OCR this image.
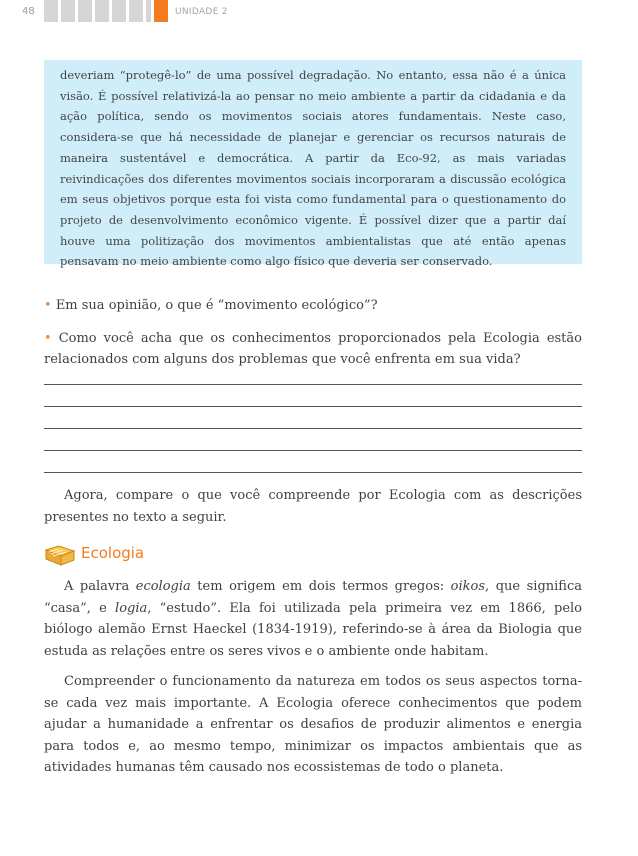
48	UNIDADE 2
deveriam “protegê-lo” de uma possível degradação. No entanto, essa não é a única visão. É possível relativizá-la ao pensar no meio ambiente a partir da cidadania e da ação política, sendo os movimentos sociais atores fundamentais. Neste caso, considera-se que há necessidade de planejar e gerenciar os recursos naturais de maneira sustentável e democrática. A partir da Eco-92, as mais variadas reivindicações dos diferentes movimentos sociais incorporaram a discussão ecológica em seus objetivos porque esta foi vista como fundamental para o questionamento do projeto de desenvolvimento econômico vigente. É possível dizer que a partir daí houve uma politização dos movimentos ambientalistas que até então apenas pensavam no meio ambiente como algo físico que deveria ser conservado.
• Em sua opinião, o que é “movimento ecológico”?
• Como você acha que os conhecimentos proporcionados pela Ecologia estão relacionados com alguns dos problemas que você enfrenta em sua vida?
Agora, compare o que você compreende por Ecologia com as descrições presentes no texto a seguir.
Ecologia
A palavra ecologia tem origem em dois termos gregos: oikos, que significa “casa”, e logia, “estudo”. Ela foi utilizada pela primeira vez em 1866, pelo biólogo alemão Ernst Haeckel (1834-1919), referindo-se à área da Biologia que estuda as relações entre os seres vivos e o ambiente onde habitam.
Compreender o funcionamento da natureza em todos os seus aspectos torna-se cada vez mais importante. A Ecologia oferece conhecimentos que podem ajudar a humanidade a enfrentar os desafios de produzir alimentos e energia para todos e, ao mesmo tempo, minimizar os impactos ambientais que as atividades humanas têm causado nos ecossistemas de todo o planeta.
